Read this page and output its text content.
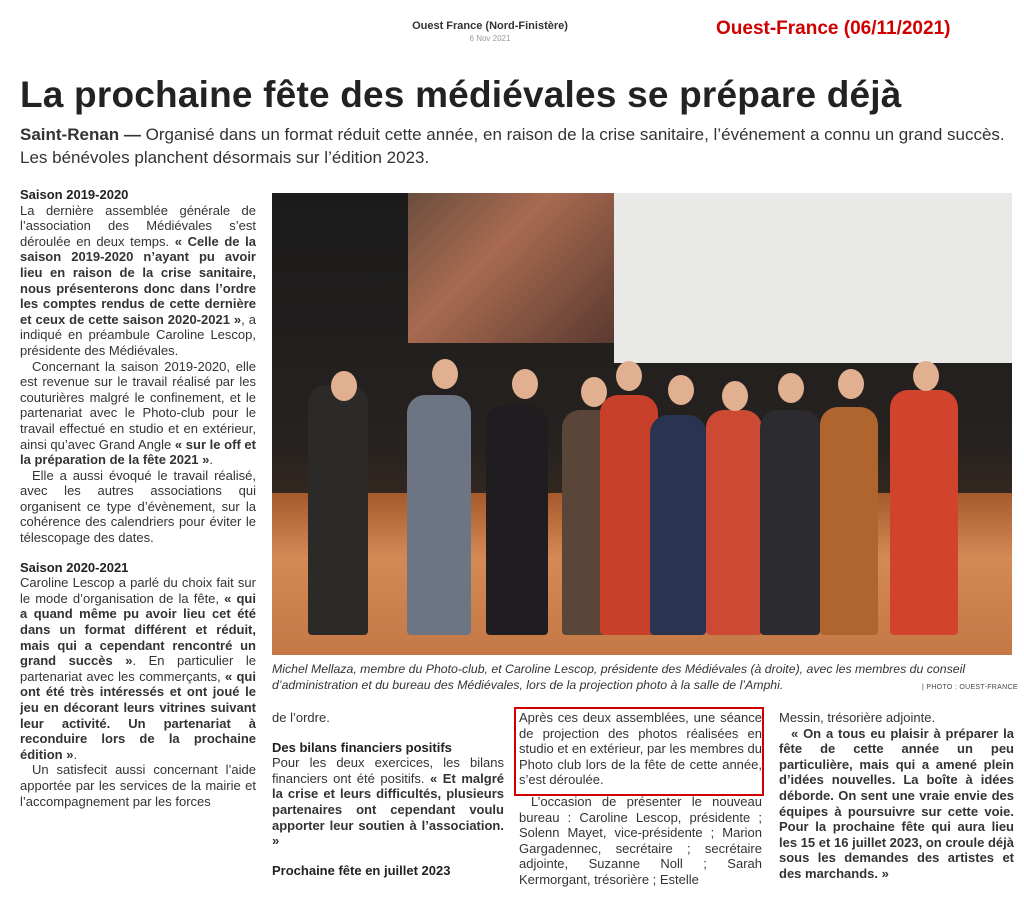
Ouest France (Nord-Finistère)
6 Nov 2021	Ouest-France (06/11/2021)
La prochaine fête des médiévales se prépare déjà
Saint-Renan — Organisé dans un format réduit cette année, en raison de la crise sanitaire, l’événement a connu un grand succès. Les bénévoles planchent désormais sur l’édition 2023.

Saison 2019-2020

La dernière assemblée générale de l’association des Médiévales s’est déroulée en deux temps. « Celle de la saison 2019-2020 n’ayant pu avoir lieu en raison de la crise sanitaire, nous présenterons donc dans l’ordre les comptes rendus de cette dernière et ceux de cette saison 2020-2021 », a indiqué en préambule Caroline Lescop, présidente des Médiévales.

Concernant la saison 2019-2020, elle est revenue sur le travail réalisé par les couturières malgré le confinement, et le partenariat avec le Photo-club pour le travail effectué en studio et en extérieur, ainsi qu’avec Grand Angle « sur le off et la préparation de la fête 2021 ».

Elle a aussi évoqué le travail réalisé, avec les autres associations qui organisent ce type d’évènement, sur la cohérence des calendriers pour éviter le télescopage des dates.

Saison 2020-2021

Caroline Lescop a parlé du choix fait sur le mode d’organisation de la fête, « qui a quand même pu avoir lieu cet été dans un format différent et réduit, mais qui a cependant rencontré un grand succès ». En particulier le partenariat avec les commerçants, « qui ont été très intéressés et ont joué le jeu en décorant leurs vitrines suivant leur activité. Un partenariat à reconduire lors de la prochaine édition ».

Un satisfecit aussi concernant l’aide apportée par les services de la mairie et l’accompagnement par les forces

Michel Mellaza, membre du Photo-club, et Caroline Lescop, présidente des Médiévales (à droite), avec les membres du conseil d’administration et du bureau des Médiévales, lors de la projection photo à la salle de l’Amphi.	| PHOTO : OUEST-FRANCE

de l’ordre.

Des bilans financiers positifs

Pour les deux exercices, les bilans financiers ont été positifs. « Et malgré la crise et leurs difficultés, plusieurs partenaires ont cependant voulu apporter leur soutien à l’association. »

Prochaine fête en juillet 2023

Après ces deux assemblées, une séance de projection des photos réalisées en studio et en extérieur, par les membres du Photo club lors de la fête de cette année, s’est déroulée.

L’occasion de présenter le nouveau bureau : Caroline Lescop, présidente ; Solenn Mayet, vice-présidente ; Marion Gargadennec, secrétaire ; secrétaire adjointe, Suzanne Noll ; Sarah Kermorgant, trésorière ; Estelle

Messin, trésorière adjointe.

« On a tous eu plaisir à préparer la fête de cette année un peu particulière, mais qui a amené plein d’idées nouvelles. La boîte à idées déborde. On sent une vraie envie des équipes à poursuivre sur cette voie. Pour la prochaine fête qui aura lieu les 15 et 16 juillet 2023, on croule déjà sous les demandes des artistes et des marchands. »
